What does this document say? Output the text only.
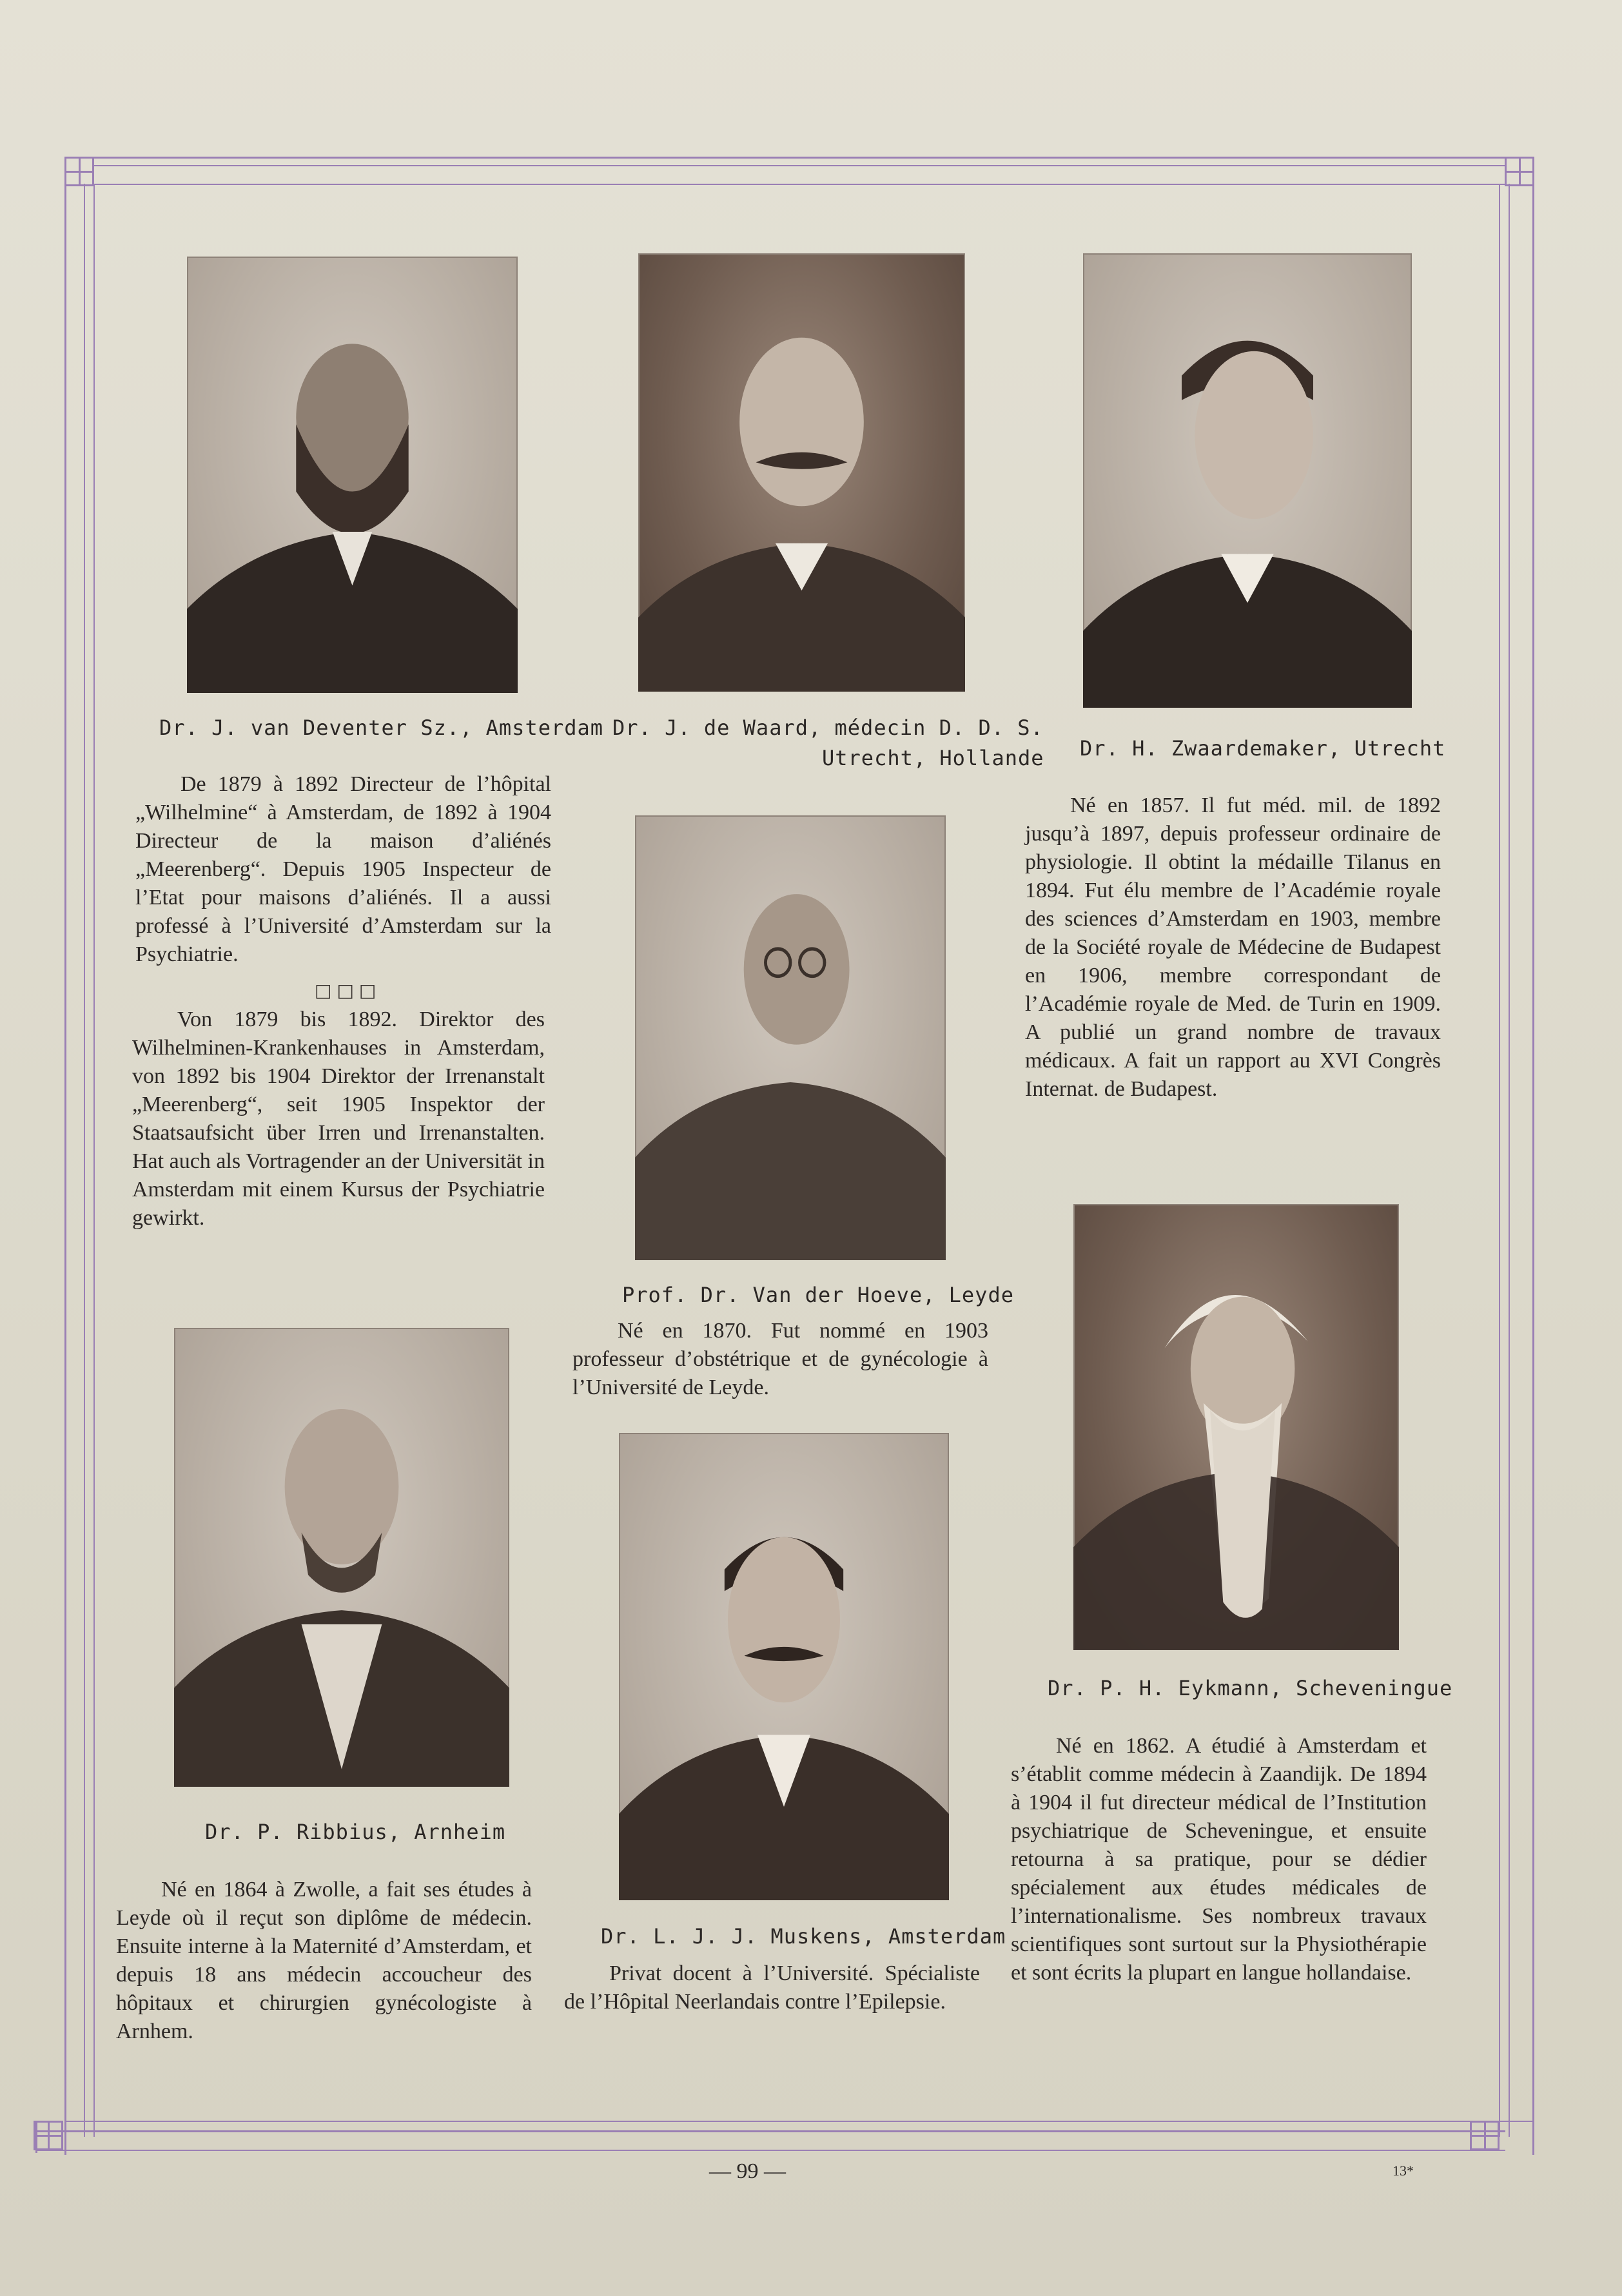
Dr. J. van Deventer Sz., Amsterdam

De 1879 à 1892 Directeur de l’hôpital „Wilhelmine“ à Amsterdam, de 1892 à 1904 Directeur de la maison d’aliénés „Meerenberg“. Depuis 1905 Inspecteur de l’Etat pour maisons d’aliénés. Il a aussi professé à l’Université d’Amsterdam sur la Psychiatrie.

□□□

Von 1879 bis 1892. Direktor des Wilhelminen-Krankenhauses in Amsterdam, von 1892 bis 1904 Direktor der Irrenanstalt „Meerenberg“, seit 1905 Inspektor der Staatsaufsicht über Irren und Irrenanstalten. Hat auch als Vortragender an der Universität in Amsterdam mit einem Kursus der Psychiatrie gewirkt.

Dr. J. de Waard, médecin D. D. S.
Utrecht, Hollande Dr. H. Zwaardemaker, Utrecht

Né en 1857. Il fut méd. mil. de 1892 jusqu’à 1897, depuis professeur ordinaire de physiologie. Il obtint la médaille Tilanus en 1894. Fut élu membre de l’Académie royale des sciences d’Amsterdam en 1903, membre de la Société royale de Médecine de Budapest en 1906, membre correspondant de l’Académie royale de Med. de Turin en 1909. A publié un grand nombre de travaux médicaux. A fait un rapport au XVI Congrès Internat. de Budapest.

Prof. Dr. Van der Hoeve, Leyde

Né en 1870. Fut nommé en 1903 professeur d’obstétrique et de gynécologie à l’Université de Leyde.

Dr. P. Ribbius, Arnheim

Né en 1864 à Zwolle, a fait ses études à Leyde où il reçut son diplôme de médecin. Ensuite interne à la Maternité d’Amsterdam, et depuis 18 ans médecin accoucheur des hôpitaux et chirurgien gynécologiste à Arnhem.

Dr. L. J. J. Muskens, Amsterdam

Privat docent à l’Université. Spécialiste de l’Hôpital Neerlandais contre l’Epilepsie.

Dr. P. H. Eykmann, Scheveningue

Né en 1862. A étudié à Amsterdam et s’établit comme médecin à Zaandijk. De 1894 à 1904 il fut directeur médical de l’Institution psychiatrique de Scheveningue, et ensuite retourna à sa pratique, pour se dédier spécialement aux études médicales de l’internationalisme. Ses nombreux travaux scientifiques sont surtout sur la Physiothérapie et sont écrits la plupart en langue hollandaise.

— 99 —	13*
